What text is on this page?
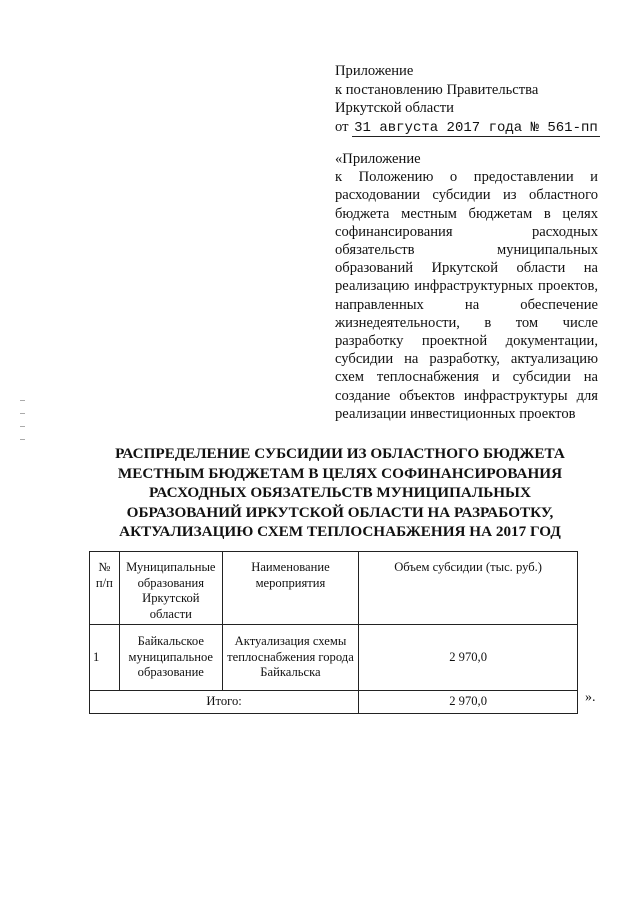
Приложение
к постановлению Правительства
Иркутской области
от 31 августа 2017 года № 561-пп
«Приложение
к Положению о предоставлении и расходовании субсидии из областного бюджета местным бюджетам в целях софинансирования расходных обязательств муниципальных образований Иркутской области на реализацию инфраструктурных проектов, направленных на обеспечение жизнедеятельности, в том числе разработку проектной документации, субсидии на разработку, актуализацию схем теплоснабжения и субсидии на создание объектов инфраструктуры для реализации инвестиционных проектов
РАСПРЕДЕЛЕНИЕ СУБСИДИИ ИЗ ОБЛАСТНОГО БЮДЖЕТА
МЕСТНЫМ БЮДЖЕТАМ В ЦЕЛЯХ СОФИНАНСИРОВАНИЯ
РАСХОДНЫХ ОБЯЗАТЕЛЬСТВ МУНИЦИПАЛЬНЫХ
ОБРАЗОВАНИЙ ИРКУТСКОЙ ОБЛАСТИ НА РАЗРАБОТКУ,
АКТУАЛИЗАЦИЮ СХЕМ ТЕПЛОСНАБЖЕНИЯ НА 2017 ГОД
№
п/п	Муниципальные образования Иркутской области	Наименование мероприятия	Объем субсидии (тыс. руб.)
1	Байкальское муниципальное образование	Актуализация схемы теплоснабжения города Байкальска	2 970,0
Итого:			2 970,0	».
